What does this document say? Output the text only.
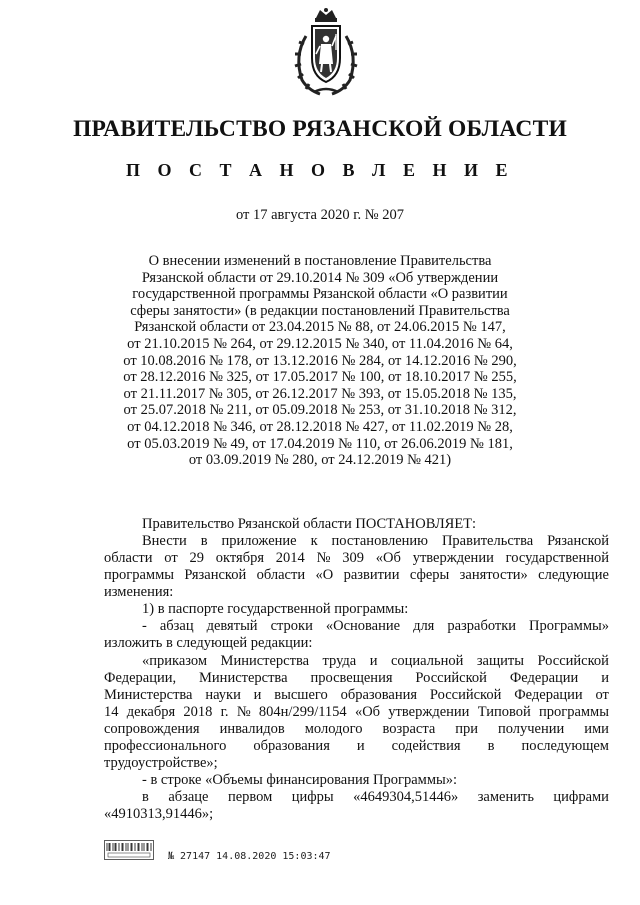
ПРАВИТЕЛЬСТВО РЯЗАНСКОЙ ОБЛАСТИ
П О С Т А Н О В Л Е Н И Е
от 17 августа 2020 г. № 207
О внесении изменений в постановление Правительства
Рязанской области от 29.10.2014 № 309 «Об утверждении
государственной программы Рязанской области «О развитии
сферы занятости» (в редакции постановлений Правительства
Рязанской области от 23.04.2015 № 88, от 24.06.2015 № 147,
от 21.10.2015 № 264, от 29.12.2015 № 340, от 11.04.2016 № 64,
от 10.08.2016 № 178, от 13.12.2016 № 284, от 14.12.2016 № 290,
от 28.12.2016 № 325, от 17.05.2017 № 100, от 18.10.2017 № 255,
от 21.11.2017 № 305, от 26.12.2017 № 393, от 15.05.2018 № 135,
от 25.07.2018 № 211, от 05.09.2018 № 253, от 31.10.2018 № 312,
от 04.12.2018 № 346, от 28.12.2018 № 427, от 11.02.2019 № 28,
от 05.03.2019 № 49, от 17.04.2019 № 110, от 26.06.2019 № 181,
от 03.09.2019 № 280, от 24.12.2019 № 421)
Правительство Рязанской области ПОСТАНОВЛЯЕТ:
Внести в приложение к постановлению Правительства Рязанской
области от 29 октября 2014 № 309 «Об утверждении государственной
программы Рязанской области «О развитии сферы занятости» следующие
изменения:
1) в паспорте государственной программы:
- абзац девятый строки «Основание для разработки Программы»
изложить в следующей редакции:
«приказом Министерства труда и социальной защиты Российской
Федерации, Министерства просвещения Российской Федерации и
Министерства науки и высшего образования Российской Федерации от
14 декабря 2018 г. № 804н/299/1154 «Об утверждении Типовой программы
сопровождения инвалидов молодого возраста при получении ими
профессионального образования и содействия в последующем
трудоустройстве»;
- в строке «Объемы финансирования Программы»:
в абзаце первом цифры «4649304,51446» заменить цифрами
«4910313,91446»;
№ 27147 14.08.2020 15:03:47
